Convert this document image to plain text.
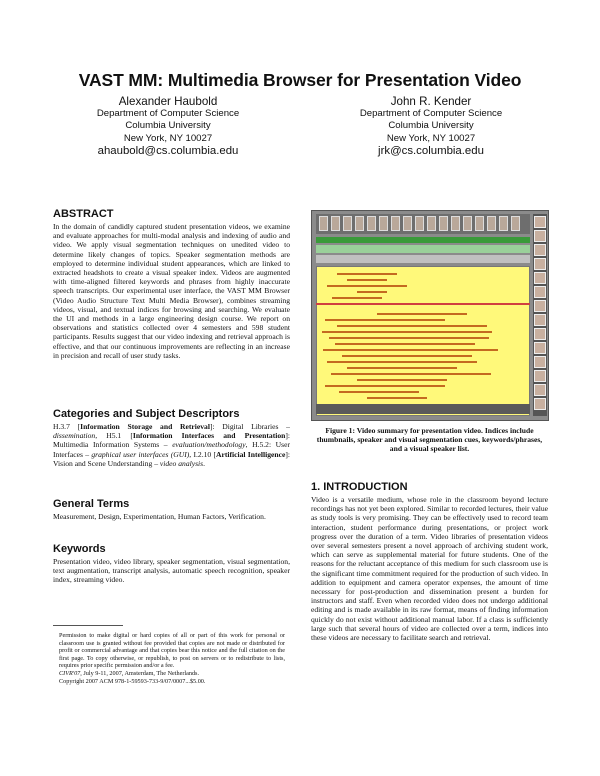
VAST MM: Multimedia Browser for Presentation Video
Alexander Haubold
Department of Computer Science
Columbia University
New York, NY 10027
ahaubold@cs.columbia.edu
John R. Kender
Department of Computer Science
Columbia University
New York, NY 10027
jrk@cs.columbia.edu
ABSTRACT

In the domain of candidly captured student presentation videos, we examine and evaluate approaches for multi-modal analysis and indexing of audio and video. We apply visual segmentation techniques on unedited video to determine likely changes of topics. Speaker segmentation methods are employed to determine individual student appearances, which are linked to extracted headshots to create a visual speaker index. Videos are augmented with time-aligned filtered keywords and phrases from highly inaccurate speech transcripts. Our experimental user interface, the VAST MM Browser (Video Audio Structure Text Multi Media Browser), combines streaming videos, visual, and textual indices for browsing and searching. We evaluate the UI and methods in a large engineering design course. We report on observations and statistics collected over 4 semesters and 598 student participants. Results suggest that our video indexing and retrieval approach is effective, and that our continuous improvements are reflecting in an increase in precision and recall of user study tasks.

Categories and Subject Descriptors

H.3.7 [Information Storage and Retrieval]: Digital Libraries – dissemination, H5.1 [Information Interfaces and Presentation]: Multimedia Information Systems – evaluation/methodology, H.5.2: User Interfaces – graphical user interfaces (GUI), I.2.10 [Artificial Intelligence]: Vision and Scene Understanding – video analysis.

General Terms

Measurement, Design, Experimentation, Human Factors, Verification.

Keywords

Presentation video, video library, speaker segmentation, visual segmentation, text augmentation, transcript analysis, automatic speech recognition, speaker index, streaming video.

Permission to make digital or hard copies of all or part of this work for personal or classroom use is granted without fee provided that copies are not made or distributed for profit or commercial advantage and that copies bear this notice and the full citation on the first page. To copy otherwise, or republish, to post on servers or to redistribute to lists, requires prior specific permission and/or a fee.
CIVR'07, July 9-11, 2007, Amsterdam, The Netherlands.
Copyright 2007 ACM 978-1-59593-733-9/07/0007...$5.00.
Figure 1: Video summary for presentation video. Indices include thumbnails, speaker and visual segmentation cues, keywords/phrases, and a visual speaker list.
1. INTRODUCTION

Video is a versatile medium, whose role in the classroom beyond lecture recordings has not yet been explored. Similar to recorded lectures, their value as study tools is very promising. They can be effectively used to record team interaction, student performance during presentations, or project work progress over the duration of a term. Video libraries of presentation videos over several semesters present a novel approach of archiving student work, which can serve as supplemental material for future students. One of the reasons for the reluctant acceptance of this medium for such classroom use is the significant time commitment required for the production of such video. In addition to equipment and camera operator expenses, the amount of time necessary for post-production and dissemination present a burden for instructors and staff. Even when recorded video does not undergo additional editing and is made available in its raw format, means of finding information quickly do not exist without additional manual labor. If a class is sufficiently large such that several hours of video are collected over a term, indices into these videos are necessary to facilitate search and retrieval.
